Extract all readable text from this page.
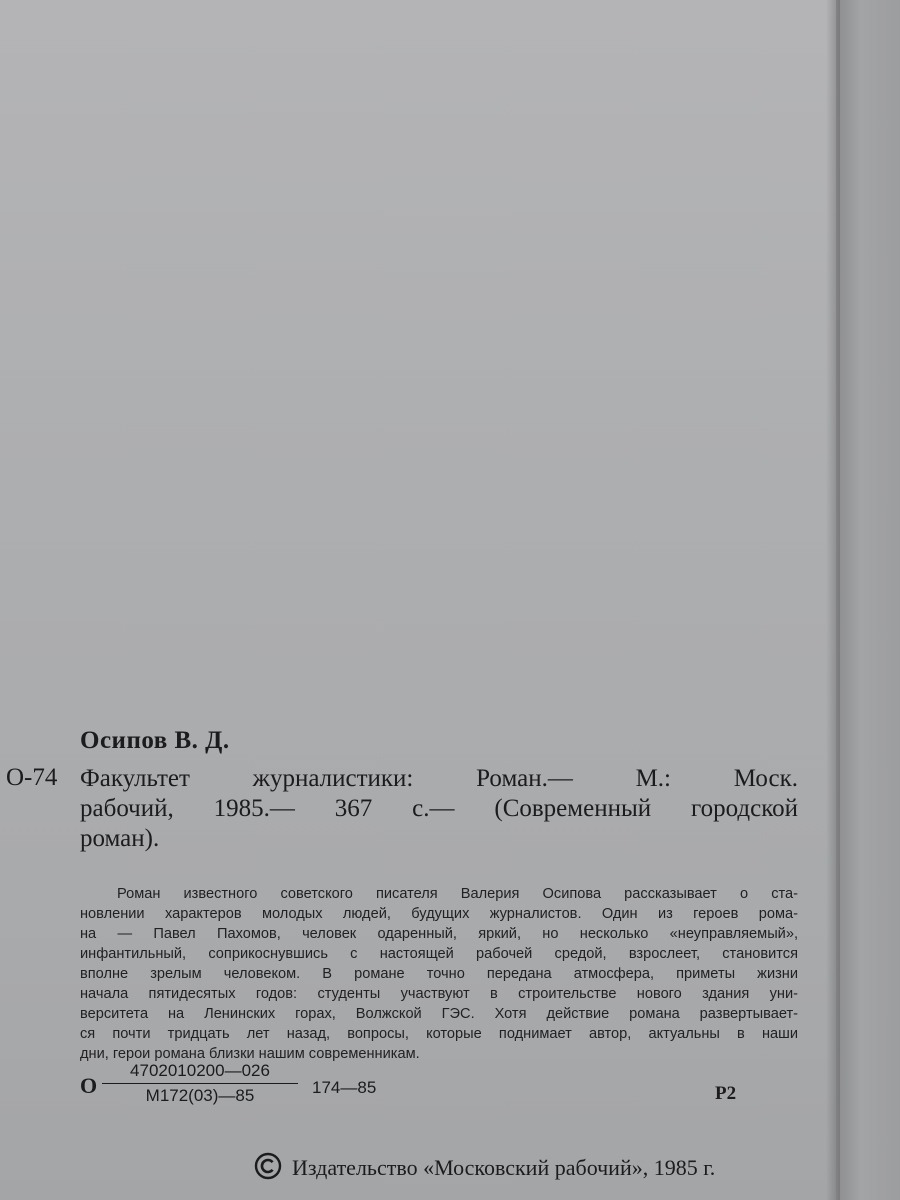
Осипов В. Д.
О-74 Факультет журналистики: Роман.— М.: Моск.
рабочий, 1985.— 367 с.— (Современный городской
роман).
Роман известного советского писателя Валерия Осипова рассказывает о ста-
новлении характеров молодых людей, будущих журналистов. Один из героев рома-
на — Павел Пахомов, человек одаренный, яркий, но несколько «неуправляемый»,
инфантильный, соприкоснувшись с настоящей рабочей средой, взрослеет, становится
вполне зрелым человеком. В романе точно передана атмосфера, приметы жизни
начала пятидесятых годов: студенты участвуют в строительстве нового здания уни-
верситета на Ленинских горах, Волжской ГЭС. Хотя действие романа развертывает-
ся почти тридцать лет назад, вопросы, которые поднимает автор, актуальны в наши
дни, герои романа близки нашим современникам.
О
4702010200—026
М172(03)—85	174—85	Р2
Издательство «Московский рабочий», 1985 г.
